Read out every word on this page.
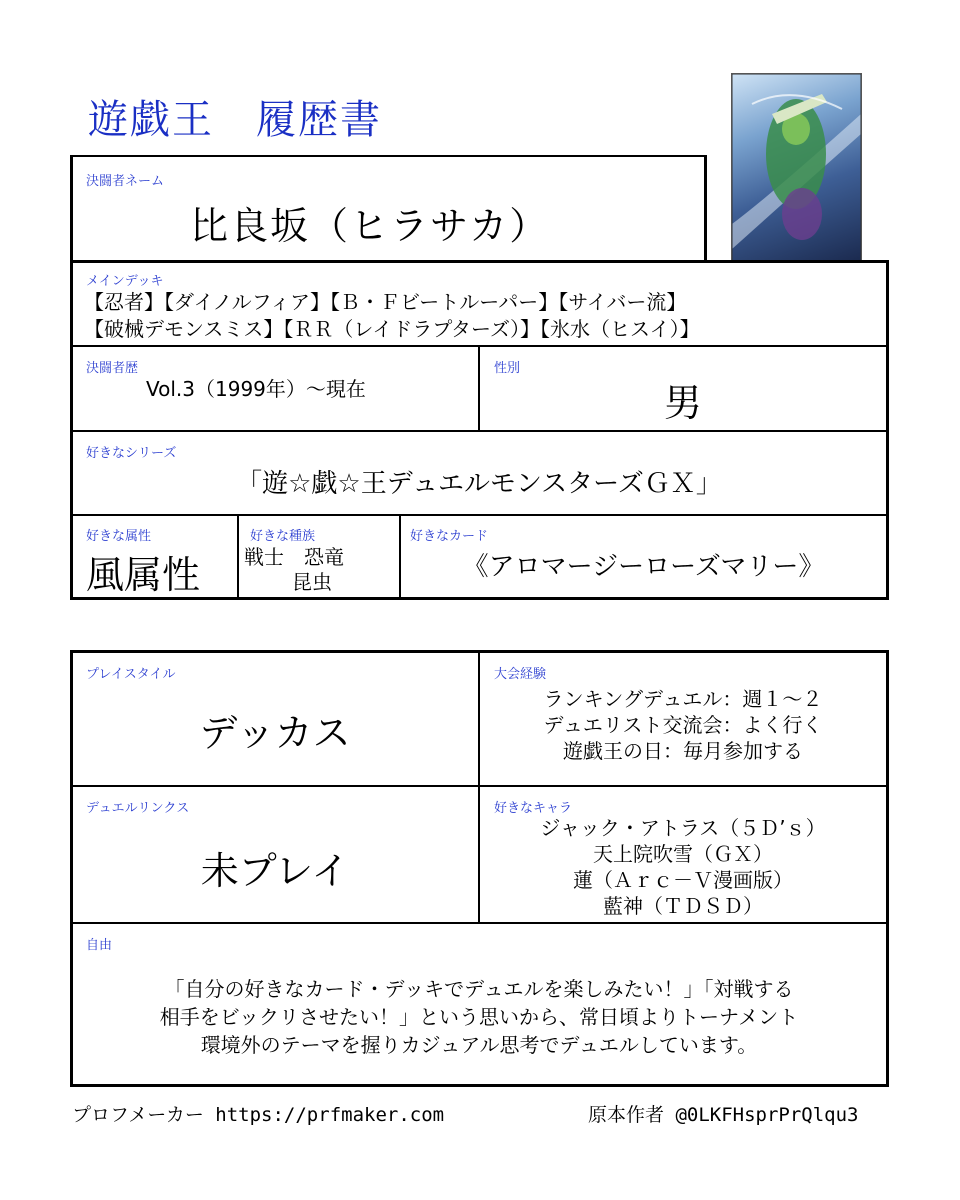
遊戯王　履歴書
決闘者ネーム
比良坂（ヒラサカ）
メインデッキ
【忍者】【ダイノルフィア】【Ｂ・Ｆビートルーパー】【サイバー流】
【破械デモンスミス】【ＲＲ（レイドラプターズ）】【氷水（ヒスイ）】
決闘者歴
Vol.3（1999年）～現在
性別
男
好きなシリーズ
「遊☆戯☆王デュエルモンスターズＧＸ」
好きな属性
風属性
好きな種族
戦士　恐竜
昆虫
好きなカード
《アロマージーローズマリー》
プレイスタイル
デッカス
大会経験
ランキングデュエル：週１～２
デュエリスト交流会：よく行く
遊戯王の日：毎月参加する
デュエルリンクス
未プレイ
好きなキャラ
ジャック・アトラス（５Ｄ’ｓ）
天上院吹雪（ＧＸ）
蓮（Ａｒｃ－Ｖ漫画版）
藍神（ＴＤＳＤ）
自由
「自分の好きなカード・デッキでデュエルを楽しみたい！」「対戦する
相手をビックリさせたい！」という思いから、常日頃よりトーナメント
環境外のテーマを握りカジュアル思考でデュエルしています。
プロフメーカー https://prfmaker.com	原本作者 @0LKFHsprPrQlqu3
